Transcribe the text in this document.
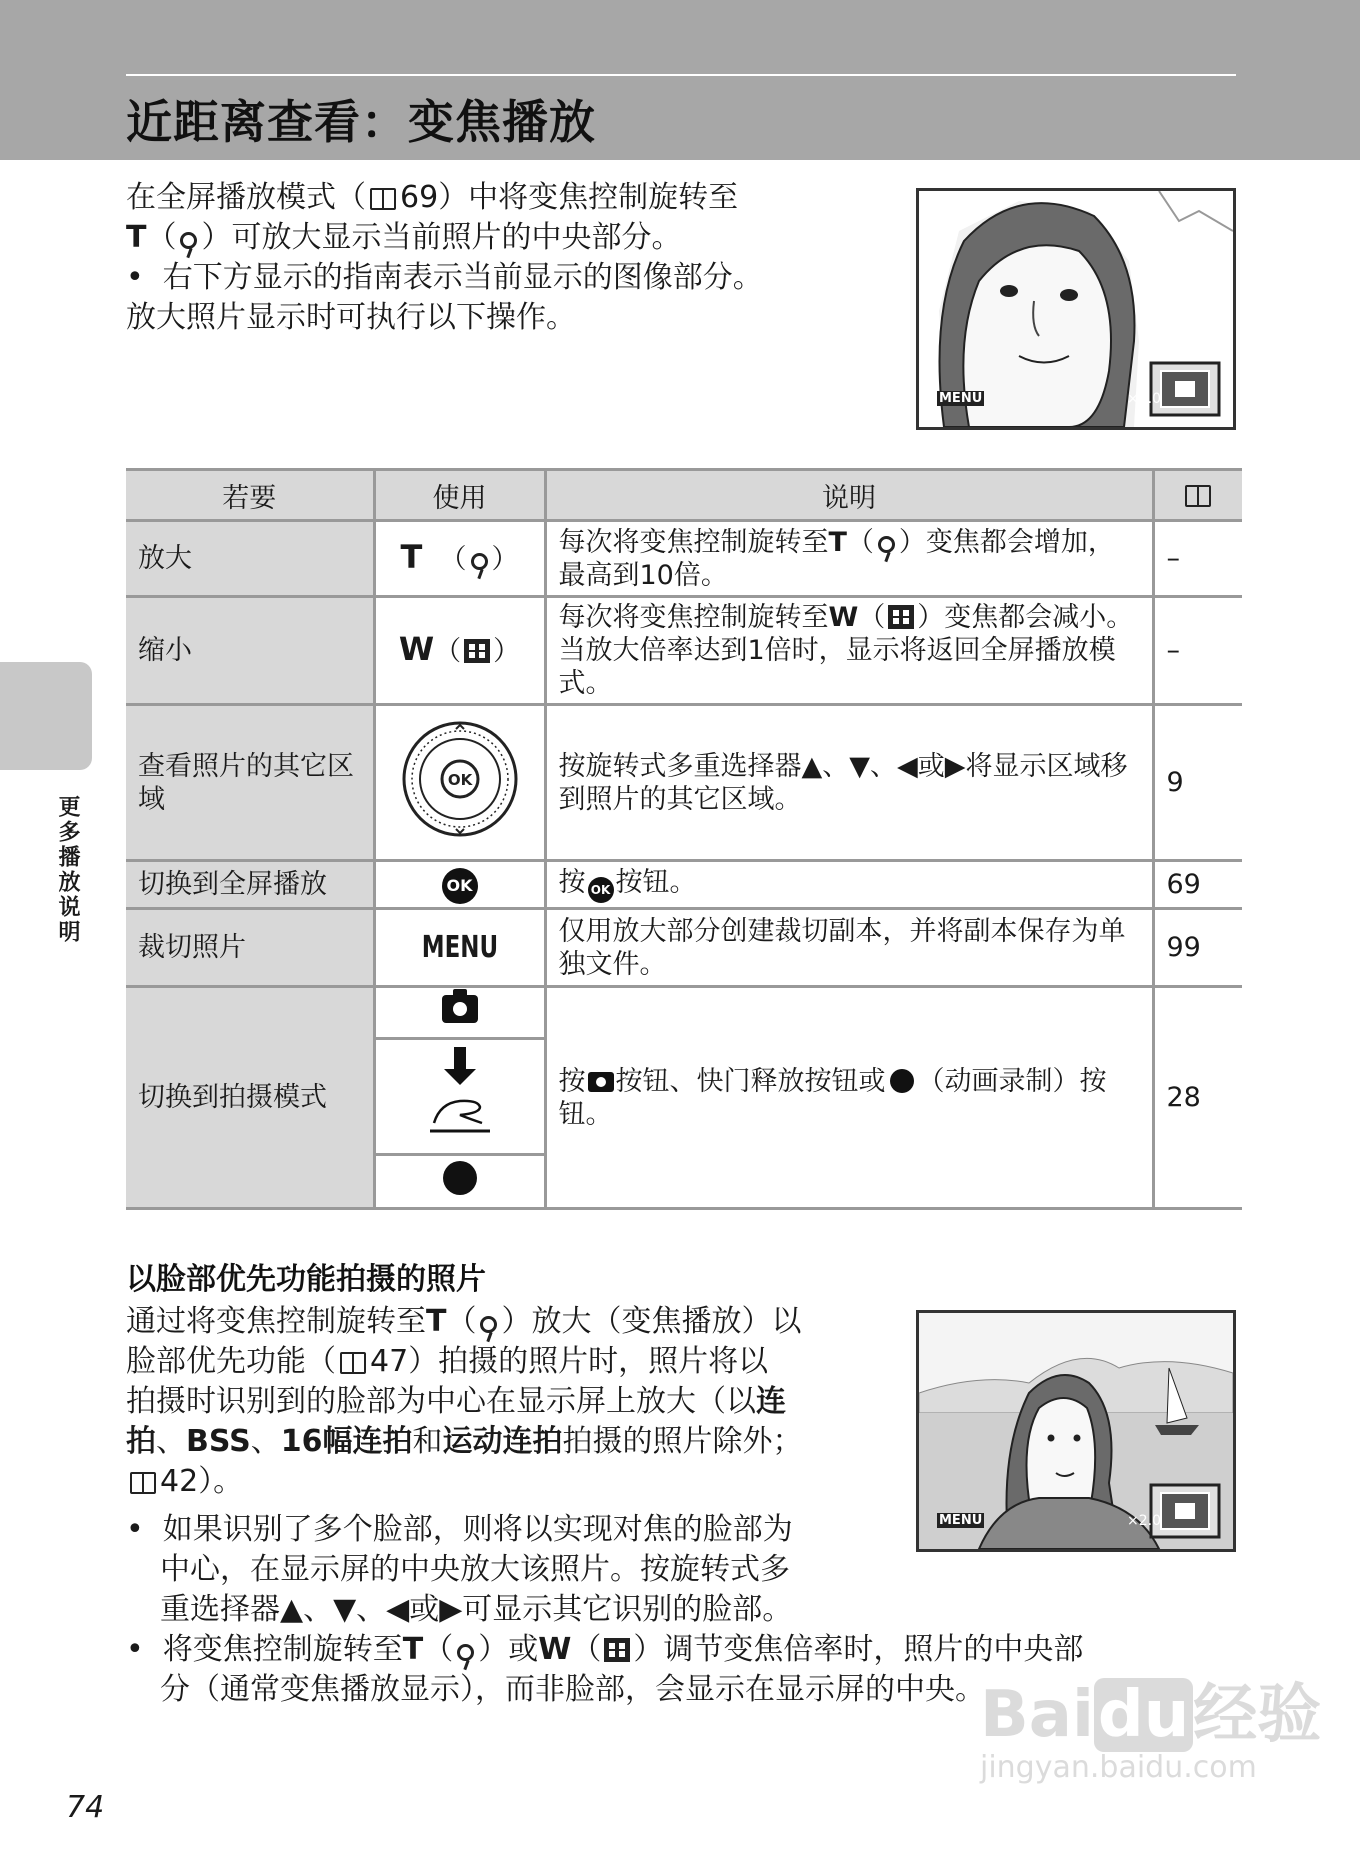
近距离查看：变焦播放
更多播放说明
在全屏播放模式（ 69）中将变焦控制旋转至
T（ ）可放大显示当前照片的中央部分。
•  右下方显示的指南表示当前显示的图像部分。
放大照片显示时可执行以下操作。
MENU	×3.0
若要	使用	说明	
放大	T  （ ）	每次将变焦控制旋转至T（ ）变焦都会增加，最高到10倍。	–
缩小	W（ ）	每次将变焦控制旋转至W（ ）变焦都会减小。当放大倍率达到1倍时，显示将返回全屏播放模式。	–
查看照片的其它区域	OK	按旋转式多重选择器▲、▼、◀或▶将显示区域移到照片的其它区域。	9
切换到全屏播放	OK	按 OK 按钮。	69
裁切照片	MENU	仅用放大部分创建裁切副本，并将副本保存为单独文件。	99
切换到拍摄模式		按 按钮、快门释放按钮或 （动画录制）按钮。	28

以脸部优先功能拍摄的照片
通过将变焦控制旋转至T（ ）放大（变焦播放）以
脸部优先功能（ 47）拍摄的照片时，照片将以
拍摄时识别到的脸部为中心在显示屏上放大（以连
拍、BSS、16幅连拍和运动连拍拍摄的照片除外；
42）。
•  如果识别了多个脸部，则将以实现对焦的脸部为
中心，在显示屏的中央放大该照片。按旋转式多
重选择器▲、▼、◀或▶可显示其它识别的脸部。
•  将变焦控制旋转至T（ ）或W（ ）调节变焦倍率时，照片的中央部
分（通常变焦播放显示），而非脸部，会显示在显示屏的中央。
MENU	×2.0
74
Baidu经验
jingyan.baidu.com
